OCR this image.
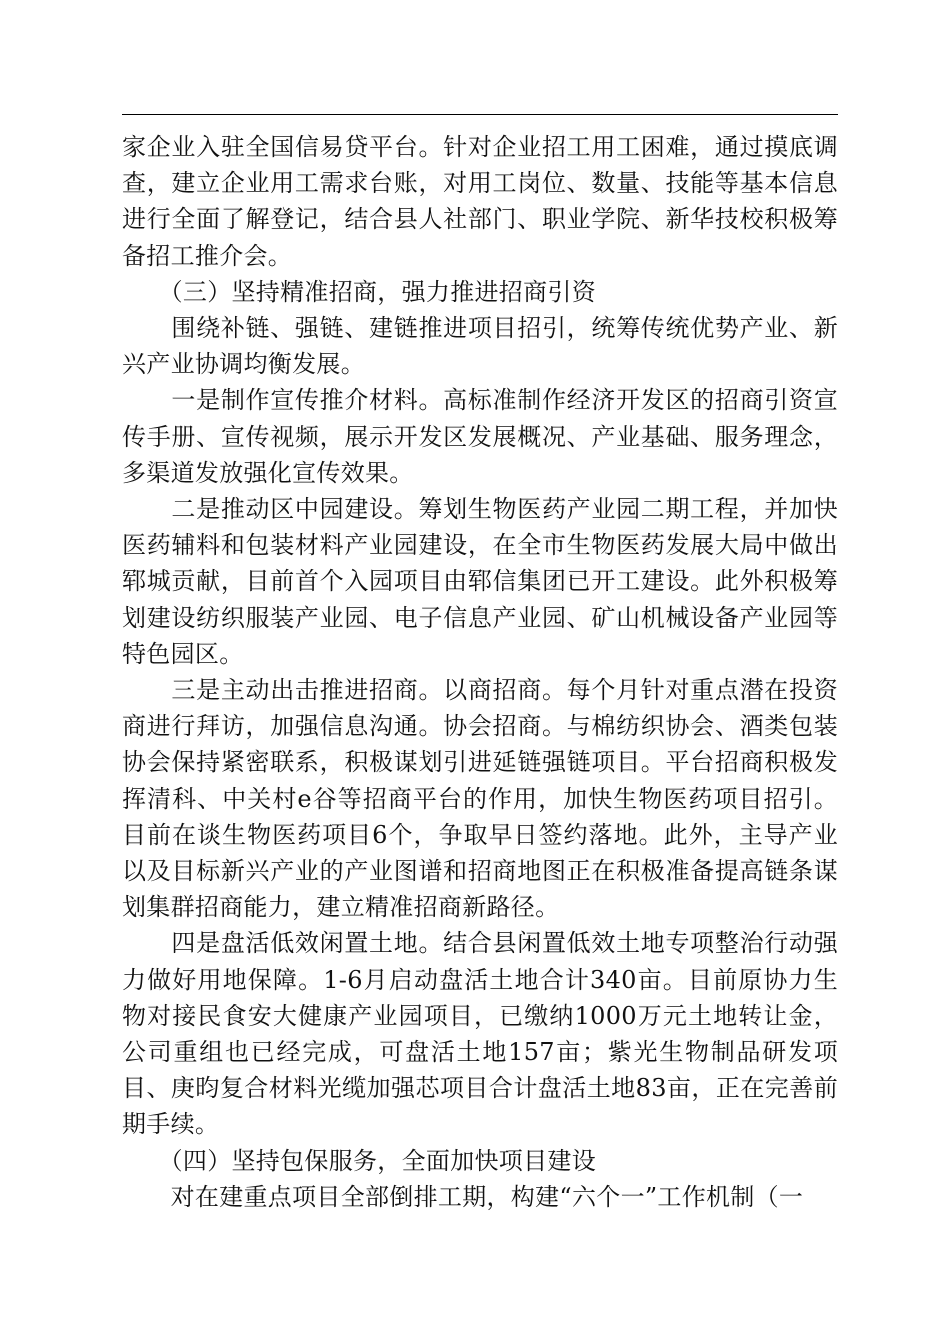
家企业入驻全国信易贷平台。针对企业招工用工困难，通过摸底调查，建立企业用工需求台账，对用工岗位、数量、技能等基本信息进行全面了解登记，结合县人社部门、职业学院、新华技校积极筹备招工推介会。

　　（三）坚持精准招商，强力推进招商引资

　　围绕补链、强链、建链推进项目招引，统筹传统优势产业、新兴产业协调均衡发展。

　　一是制作宣传推介材料。高标准制作经济开发区的招商引资宣传手册、宣传视频，展示开发区发展概况、产业基础、服务理念，多渠道发放强化宣传效果。

　　二是推动区中园建设。筹划生物医药产业园二期工程，并加快医药辅料和包装材料产业园建设，在全市生物医药发展大局中做出郓城贡献，目前首个入园项目由郓信集团已开工建设。此外积极筹划建设纺织服装产业园、电子信息产业园、矿山机械设备产业园等特色园区。

　　三是主动出击推进招商。以商招商。每个月针对重点潜在投资商进行拜访，加强信息沟通。协会招商。与棉纺织协会、酒类包装协会保持紧密联系，积极谋划引进延链强链项目。平台招商积极发挥清科、中关村e谷等招商平台的作用，加快生物医药项目招引。目前在谈生物医药项目6个，争取早日签约落地。此外，主导产业以及目标新兴产业的产业图谱和招商地图正在积极准备提高链条谋划集群招商能力，建立精准招商新路径。

　　四是盘活低效闲置土地。结合县闲置低效土地专项整治行动强力做好用地保障。1-6月启动盘活土地合计340亩。目前原协力生物对接民食安大健康产业园项目，已缴纳1000万元土地转让金，公司重组也已经完成，可盘活土地157亩；紫光生物制品研发项目、庚昀复合材料光缆加强芯项目合计盘活土地83亩，正在完善前期手续。

　　（四）坚持包保服务，全面加快项目建设

　　对在建重点项目全部倒排工期，构建“六个一”工作机制（一
